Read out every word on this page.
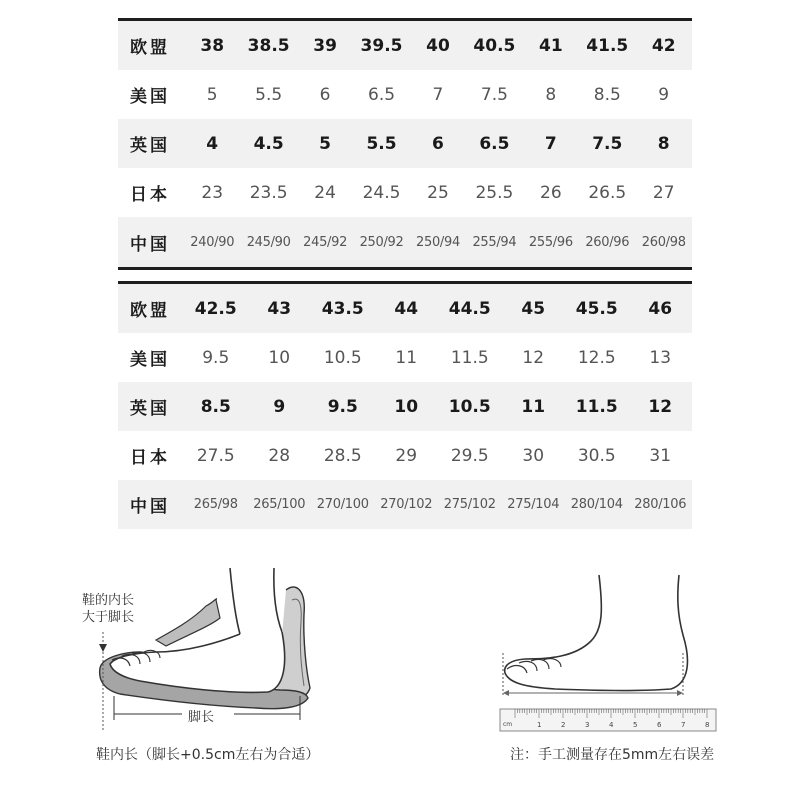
欧盟	38	38.5	39	39.5	40	40.5	41	41.5	42
美国	5	5.5	6	6.5	7	7.5	8	8.5	9
英国	4	4.5	5	5.5	6	6.5	7	7.5	8
日本	23	23.5	24	24.5	25	25.5	26	26.5	27
中国	240/90 245/90 245/92 250/92 250/94 255/94 255/96 260/96 260/98
欧盟	42.5	43	43.5	44	44.5	45	45.5	46
美国	9.5	10	10.5	11	11.5	12	12.5	13
英国	8.5	9	9.5	10	10.5	11	11.5	12
日本	27.5	28	28.5	29	29.5	30	30.5	31
中国	265/98	265/100 270/100 270/102 275/102 275/104 280/104 280/106
鞋的内长
大于脚长
脚长
鞋内长（脚长+0.5cm左右为合适）
1	2	3	4	5	6	7	8
cm
注：手工测量存在5mm左右误差
